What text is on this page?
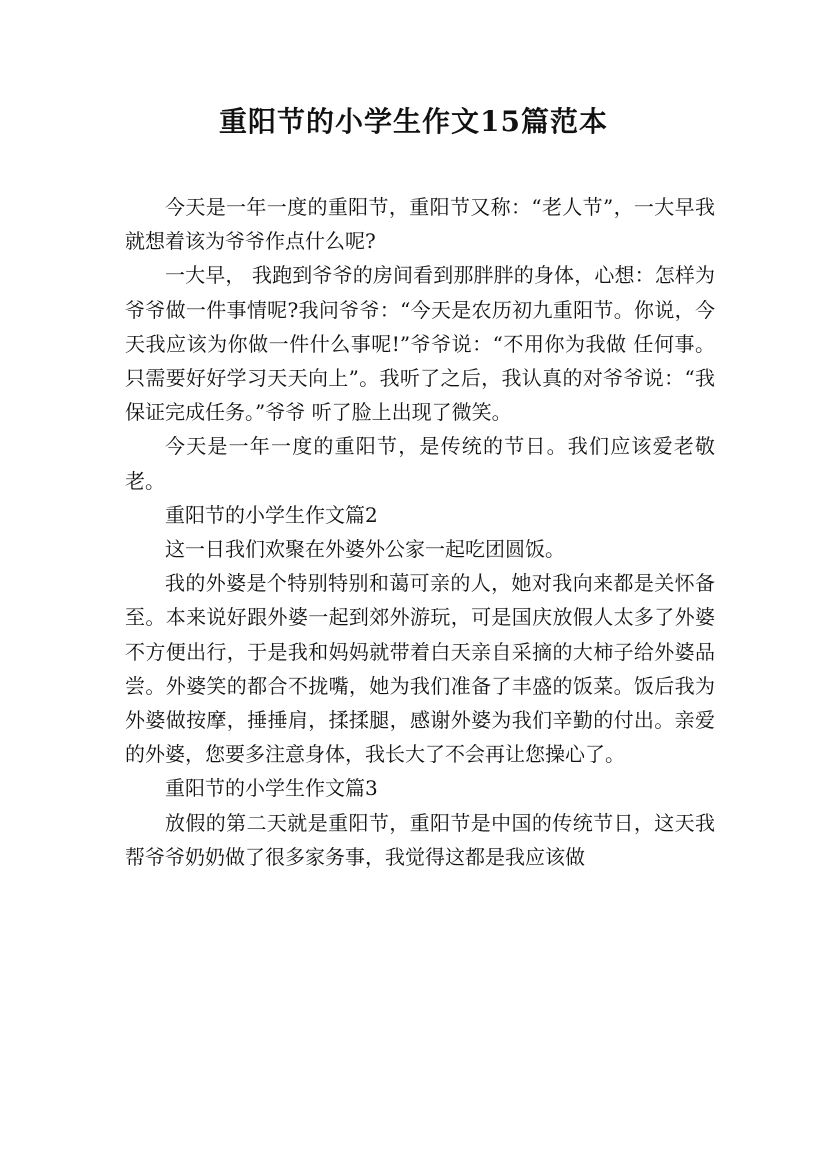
重阳节的小学生作文15篇范本

今天是一年一度的重阳节，重阳节又称：“老人节”，一大早我就想着该为爷爷作点什么呢?

一大早， 我跑到爷爷的房间看到那胖胖的身体，心想：怎样为爷爷做一件事情呢?我问爷爷：“今天是农历初九重阳节。你说，今天我应该为你做一件什么事呢!”爷爷说：“不用你为我做 任何事。只需要好好学习天天向上”。我听了之后，我认真的对爷爷说：“我保证完成任务。”爷爷 听了脸上出现了微笑。

今天是一年一度的重阳节，是传统的节日。我们应该爱老敬老。

重阳节的小学生作文篇2

这一日我们欢聚在外婆外公家一起吃团圆饭。

我的外婆是个特别特别和蔼可亲的人，她对我向来都是关怀备至。本来说好跟外婆一起到郊外游玩，可是国庆放假人太多了外婆不方便出行，于是我和妈妈就带着白天亲自采摘的大柿子给外婆品尝。外婆笑的都合不拢嘴，她为我们准备了丰盛的饭菜。饭后我为外婆做按摩，捶捶肩，揉揉腿，感谢外婆为我们辛勤的付出。亲爱的外婆，您要多注意身体，我长大了不会再让您操心了。

重阳节的小学生作文篇3

放假的第二天就是重阳节，重阳节是中国的传统节日，这天我帮爷爷奶奶做了很多家务事，我觉得这都是我应该做
